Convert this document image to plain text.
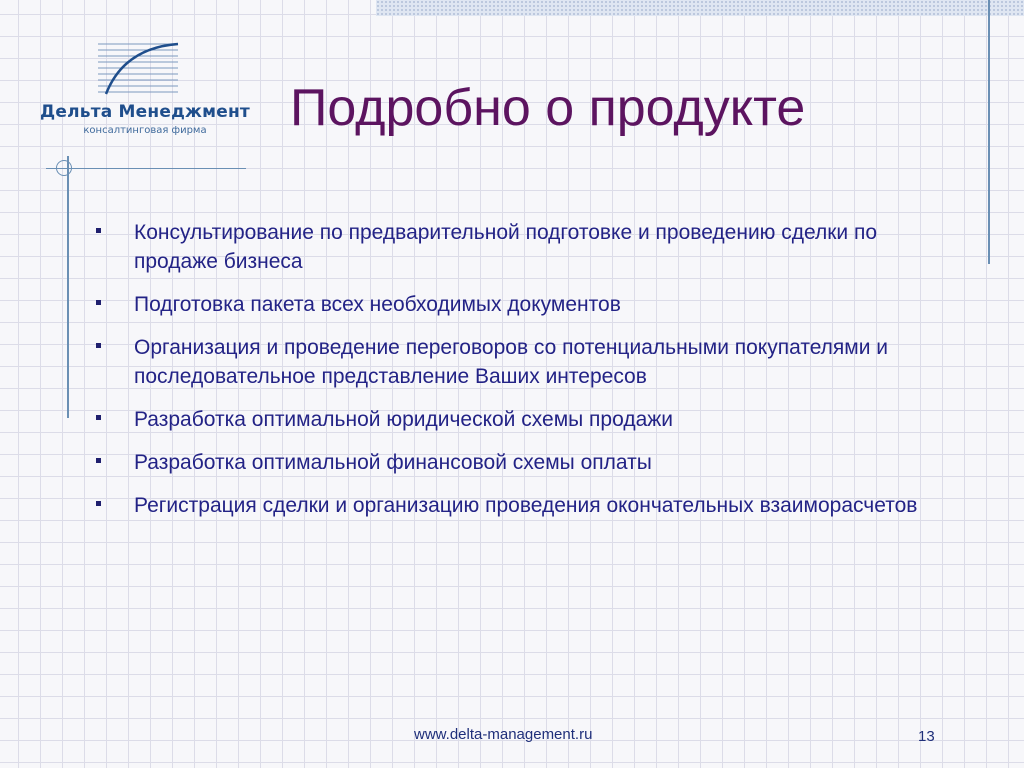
Дельта Менеджмент
консалтинговая фирма	Подробно о продукте
Консультирование по предварительной подготовке и проведению сделки по продаже бизнеса
Подготовка пакета всех необходимых документов
Организация и проведение переговоров со потенциальными покупателями и последовательное представление Ваших интересов
Разработка оптимальной юридической схемы продажи
Разработка оптимальной финансовой схемы оплаты
Регистрация сделки и организацию проведения окончательных взаиморасчетов
www.delta-management.ru	13
